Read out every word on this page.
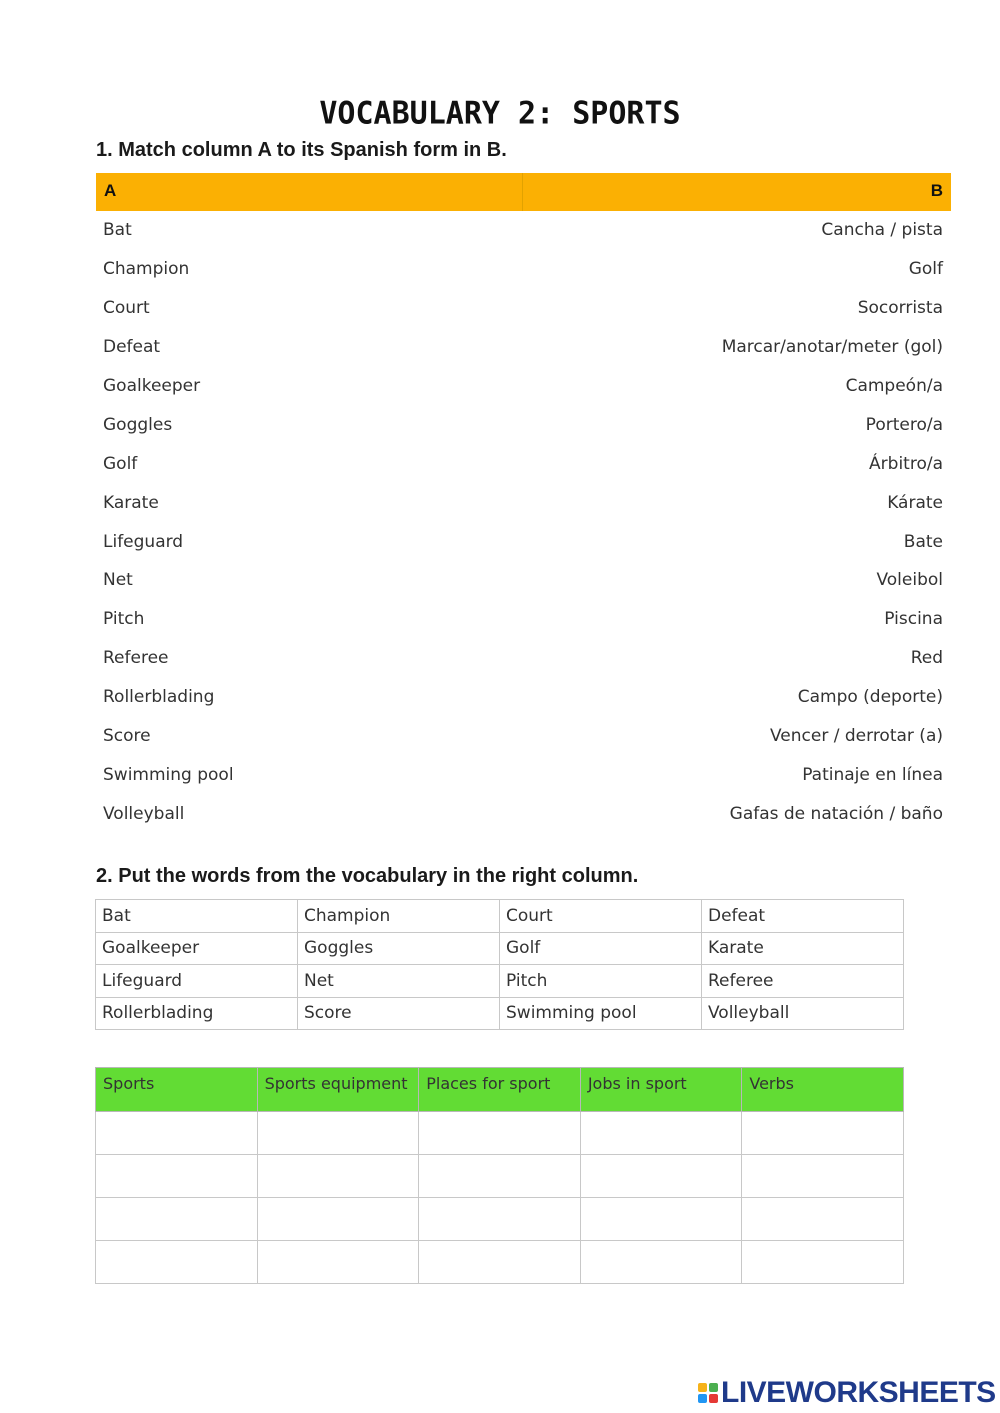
VOCABULARY 2: SPORTS
1. Match column A to its Spanish form in B.
A	B
Bat	Cancha / pista
Champion	Golf
Court	Socorrista
Defeat	Marcar/anotar/meter (gol)
Goalkeeper	Campeón/a
Goggles	Portero/a
Golf	Árbitro/a
Karate	Kárate
Lifeguard	Bate
Net	Voleibol
Pitch	Piscina
Referee	Red
Rollerblading	Campo (deporte)
Score	Vencer / derrotar (a)
Swimming pool	Patinaje en línea
Volleyball	Gafas de natación / baño
2. Put the words from the vocabulary in the right column.
Bat	Champion	Court	Defeat
Goalkeeper	Goggles	Golf	Karate
Lifeguard	Net	Pitch	Referee
Rollerblading	Score	Swimming pool	Volleyball
Sports	Sports equipment	Places for sport	Jobs in sport	Verbs

LIVEWORKSHEETS
